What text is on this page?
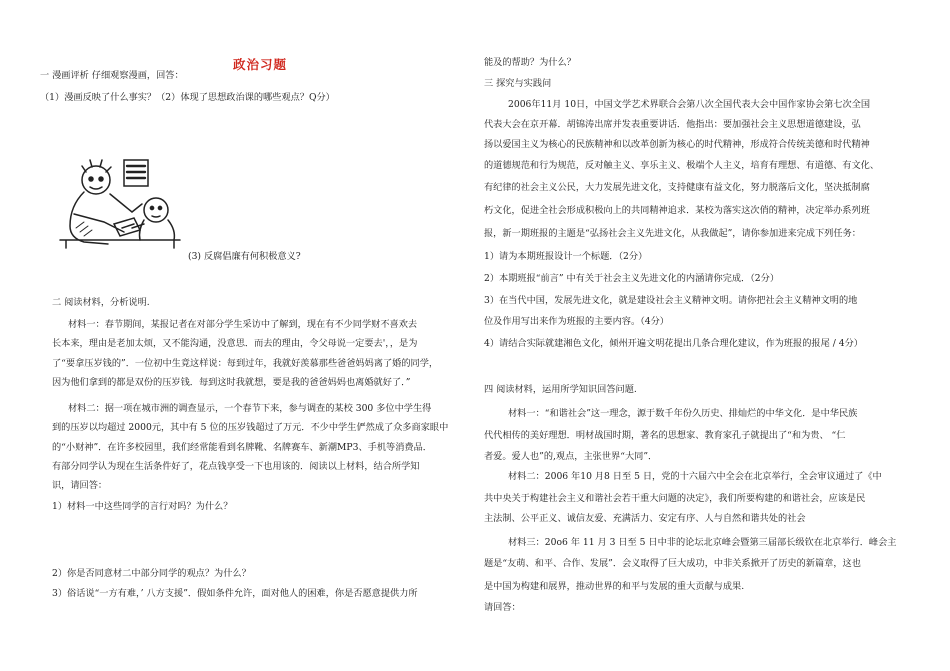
政治习题
一 漫画评析 仔细观察漫画，回答：
（1）漫画反映了什么事实？（2）体现了思想政治课的哪些观点？Q分）
(3) 反腐倡廉有何积极意义?
二 阅读材料，分析说明.
材料一：春节期间，某报记者在对部分学生采访中了解到，现在有不少同学财不喜欢去
长本来，理由是老加太烦，又不能沟通，没意思．而去的理由，令父母说一定要去'，，是为
了“要拿压岁钱的”．一位初中生竟这样说：每到过年，我就好羡慕那些爸爸妈妈离了婚的同学，
因为他们拿到的都是双份的压岁钱．每到这时我就想，要是我的爸爸妈妈也离婚就好了．”
材料二：据一项在城市洲的调查显示，一个春节下来，参与调查的某校 300 多位中学生得
到的压岁以均超过 2000元，其中有 5 位的压岁钱超过了万元．不少中学生俨然成了众多商家眼中
的“小财神”．在许多校园里，我们经常能看到名牌靴、名牌赛车、新潮MP3、手机等消费品．
有部分同学认为现在生活条件好了，花点钱享受一下也用该的．阅读以上材料，结合所学知
识，请回答：
1）材料一中这些同学的言行对吗？为什么？
2）你是否同意材二中部分同学的观点？为什么？
3）俗话说“一方有难，’ 八方支援”．假如条件允许，面对他人的困难，你是否愿意提供力所
能及的帮助？为什么？
三 探究与实践问
2006年11月 10日，中国文学艺术界联合会第八次全国代表大会中国作家协会第七次全国
代表大会在京开幕．胡锦涛出席并发表重要讲话．他指出：要加强社会主义思想道德建设，弘
扬以爱国主义为核心的民族精神和以改革创新为核心的时代精神，形成符合传统美德和时代精神
的道德规范和行为规范，反对触主义、享乐主义、极端个人主义，培育有理想、有道德、有文化、
有纪律的社会主义公民，大力发展先进文化，支持健康有益文化，努力脱落后文化，坚决抵制腐
朽文化，促进全社会形成积极向上的共同精神追求．某校为落实这次俏的精神，决定举办系列班
报，新一期班报的主题是“弘扬社会主义先进文化，从我做起”，请你参加进来完成下列任务：
1）请为本期班报设计一个标题．（2分）
2）本期班报“前言” 中有关于社会主义先进文化的内涵请你完成．（2分）
3）在当代中国，发展先进文化，就是建设社会主义精神文明。请你把社会主义精神文明的地
位及作用写出来作为班报的主要内容。（4分）
4）请结合实际就建湘色文化，倾州开遍文明花提出几条合理化建议，作为班报的报尾 / 4分）
四 阅读材料，运用所学知识回答问题.
材料一：“和谐社会”这一理念，源于数千年份久历史、排灿烂的中华文化．是中华民族
代代相传的美好理想．明材战国时期，著名的思想家、教育家孔子就提出了“和为贵、 “仁
者爱。爱人也”的,观点，主张世界“大同”．
材料二：2006 年10 月8 日至 5 日，党的十六届六中全会在北京举行，全会审议通过了《中
共中央关于构建社会主义和谐社会若干重大问题的决定》，我们所要构建的和谐社会，应该是民
主法制、公平正义、诚信友爱、充满活力、安定有序、人与自然和谐共处的社会
材料三：20o6 年 11 月 3 日至 5 日中非的论坛北京峰会暨第三届部长级钦在北京举行．峰会主
题是“友萌、和平、合作、发展”．会义取得了巨大成功，中非关系掀开了历史的新篇章，这也
是中国为构建和展界，推动世界的和平与发展的重大贡献与成果.
请回答：
